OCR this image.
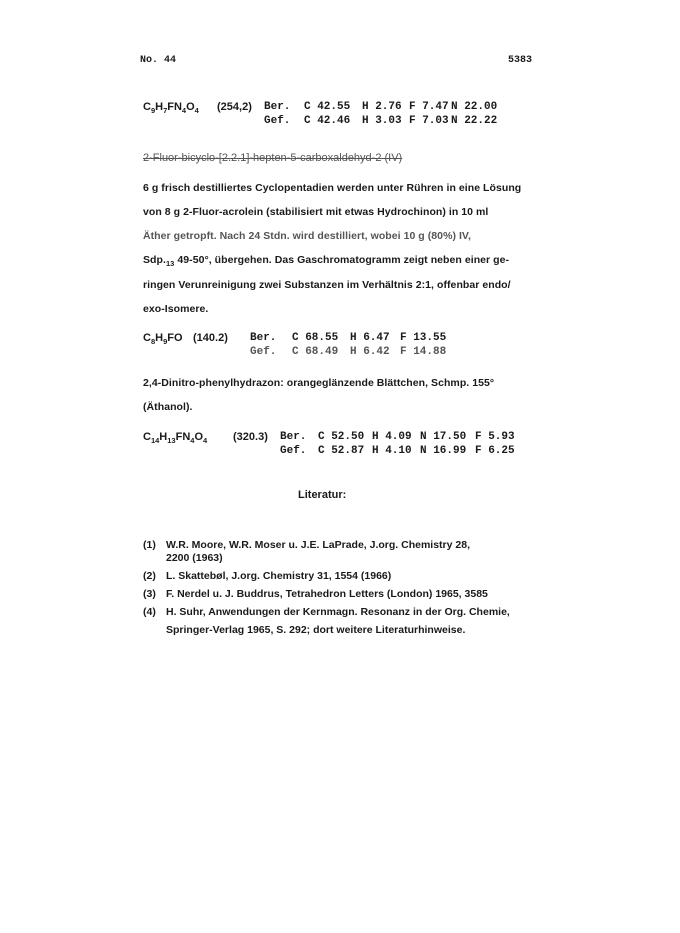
No. 44	5383
$C_9H_7FN_4O_4$ (254,2) Ber.
Gef.
C 42.55 H 2.76 F 7.47 N 22.00
C 42.46 H 3.03 F 7.03 N 22.22
2-Fluor-bicyclo-[2.2.1]-hepten-5-carboxaldehyd-2 (IV)
6 g frisch destilliertes Cyclopentadien werden unter Rühren in eine Lösung
von 8 g 2-Fluor-acrolein (stabilisiert mit etwas Hydrochinon) in 10 ml
Äther getropft. Nach 24 Stdn. wird destilliert, wobei 10 g (80%) IV,
$Sdp._{13}$ 49-50°, übergehen. Das Gaschromatogramm zeigt neben einer ge-
ringen Verunreinigung zwei Substanzen im Verhältnis 2:1, offenbar endo/
exo-Isomere.
$C_8H_9FO$ (140.2) Ber.
Gef.
C 68.55 H 6.47 F 13.55
C 68.49 H 6.42 F 14.88
2,4-Dinitro-phenylhydrazon: orangeglänzende Blättchen, Schmp. 155°
(Äthanol).
$C_{14}H_{13}FN_4O_4$ (320.3) Ber.
Gef.
C 52.50 H 4.09 N 17.50 F 5.93
C 52.87 H 4.10 N 16.99 F 6.25
Literatur:
(1) W.R. Moore, W.R. Moser u. J.E. LaPrade, J.org. Chemistry 28,
2200 (1963)
(2) L. Skattebøl, J.org. Chemistry 31, 1554 (1966)
(3) F. Nerdel u. J. Buddrus, Tetrahedron Letters (London) 1965, 3585
(4) H. Suhr, Anwendungen der Kernmagn. Resonanz in der Org. Chemie,
Springer-Verlag 1965, S. 292; dort weitere Literaturhinweise.
